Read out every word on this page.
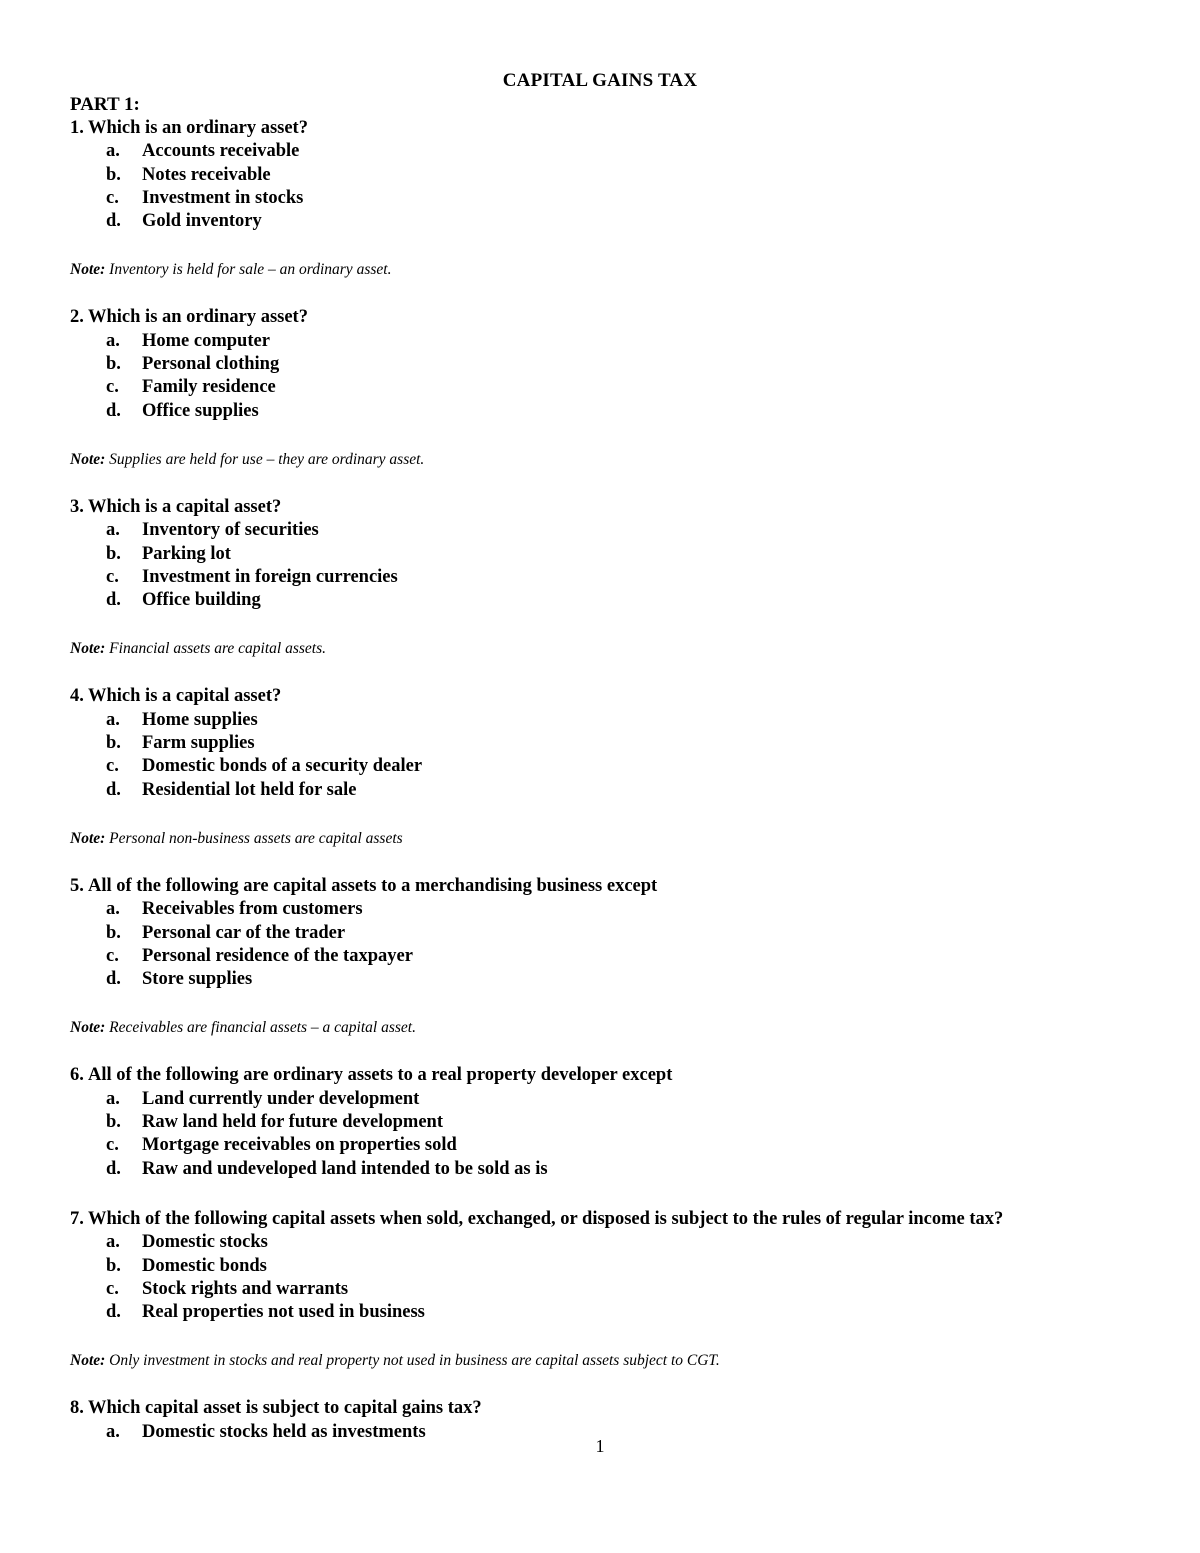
CAPITAL GAINS TAX
PART 1:
1. Which is an ordinary asset?
a.	Accounts receivable
b.	Notes receivable
c.	Investment in stocks
d.	Gold inventory
Note: Inventory is held for sale – an ordinary asset.
2. Which is an ordinary asset?
a.	Home computer
b.	Personal clothing
c.	Family residence
d.	Office supplies
Note: Supplies are held for use – they are ordinary asset.
3. Which is a capital asset?
a.	Inventory of securities
b.	Parking lot
c.	Investment in foreign currencies
d.	Office building
Note: Financial assets are capital assets.
4. Which is a capital asset?
a.	Home supplies
b.	Farm supplies
c.	Domestic bonds of a security dealer
d.	Residential lot held for sale
Note: Personal non-business assets are capital assets
5. All of the following are capital assets to a merchandising business except
a.	Receivables from customers
b.	Personal car of the trader
c.	Personal residence of the taxpayer
d.	Store supplies
Note: Receivables are financial assets – a capital asset.
6. All of the following are ordinary assets to a real property developer except
a.	Land currently under development
b.	Raw land held for future development
c.	Mortgage receivables on properties sold
d.	Raw and undeveloped land intended to be sold as is
7. Which of the following capital assets when sold, exchanged, or disposed is subject to the rules of regular income tax?
a.	Domestic stocks
b.	Domestic bonds
c.	Stock rights and warrants
d.	Real properties not used in business
Note: Only investment in stocks and real property not used in business are capital assets subject to CGT.
8. Which capital asset is subject to capital gains tax?
a.	Domestic stocks held as investments
1
